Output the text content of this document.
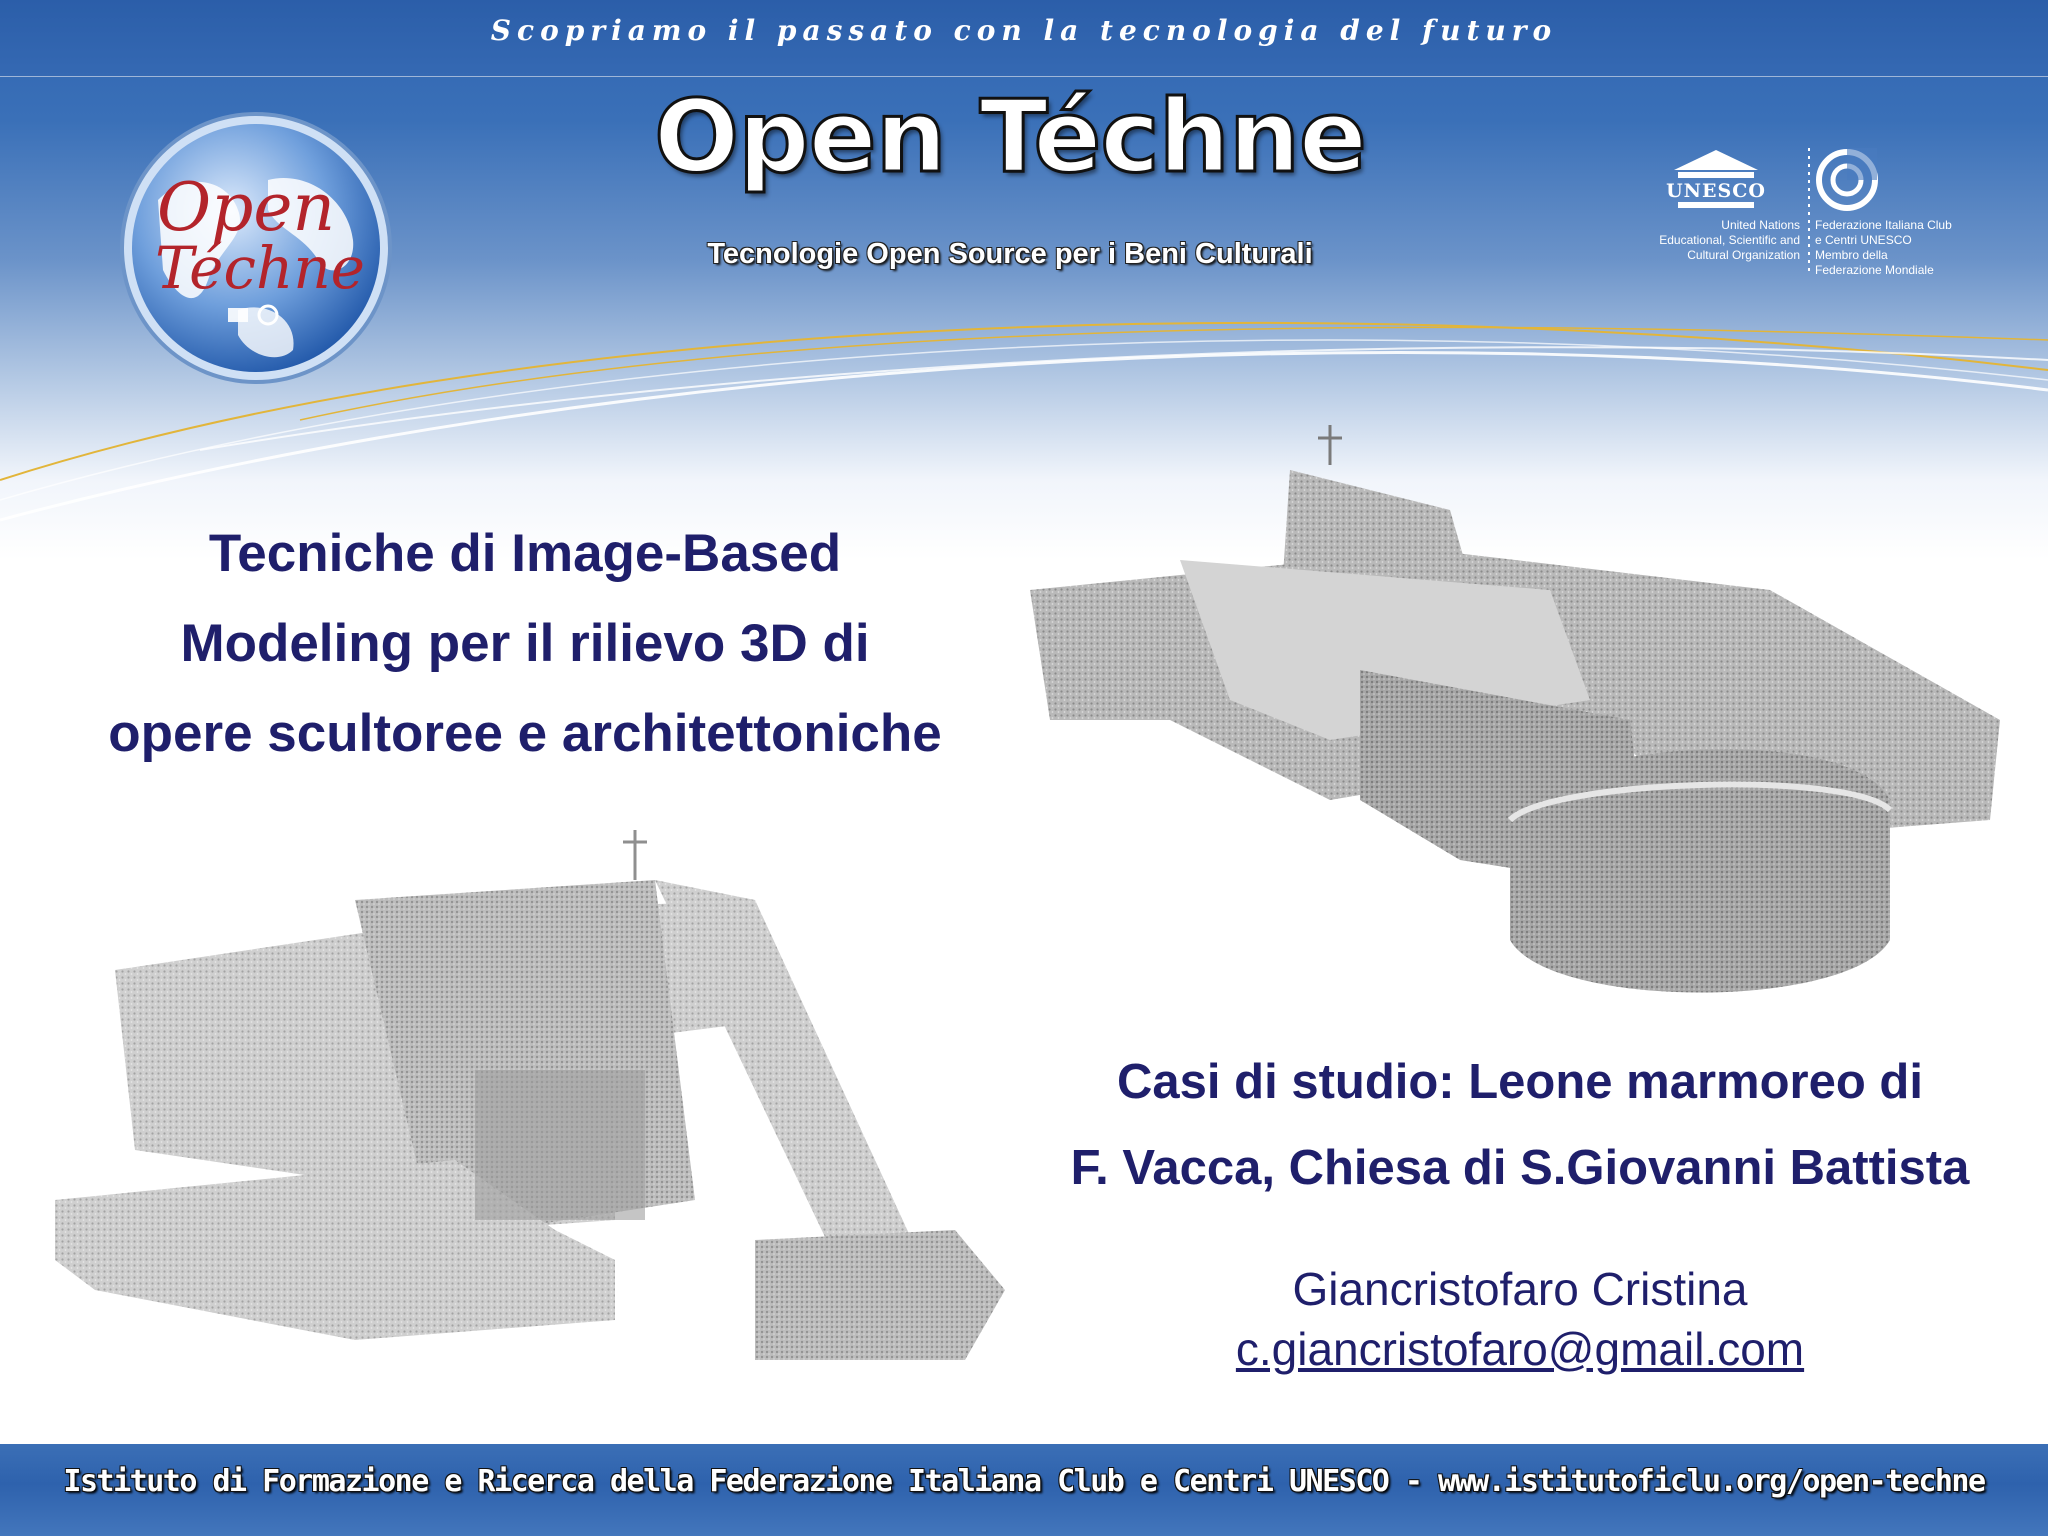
Scopriamo il passato con la tecnologia del futuro
Open
Téchne
Open Téchne
Tecnologie Open Source per i Beni Culturali
UNESCO
United Nations
Educational, Scientific and
Cultural Organization
Federazione Italiana Club
e Centri UNESCO
Membro della
Federazione Mondiale
Tecniche di Image-Based
Modeling per il rilievo 3D di
opere scultoree e architettoniche
Casi di studio: Leone marmoreo di
F. Vacca, Chiesa di S.Giovanni Battista
Giancristofaro Cristina
c.giancristofaro@gmail.com
Istituto di Formazione e Ricerca della Federazione Italiana Club e Centri UNESCO - www.istitutoficlu.org/open-techne
